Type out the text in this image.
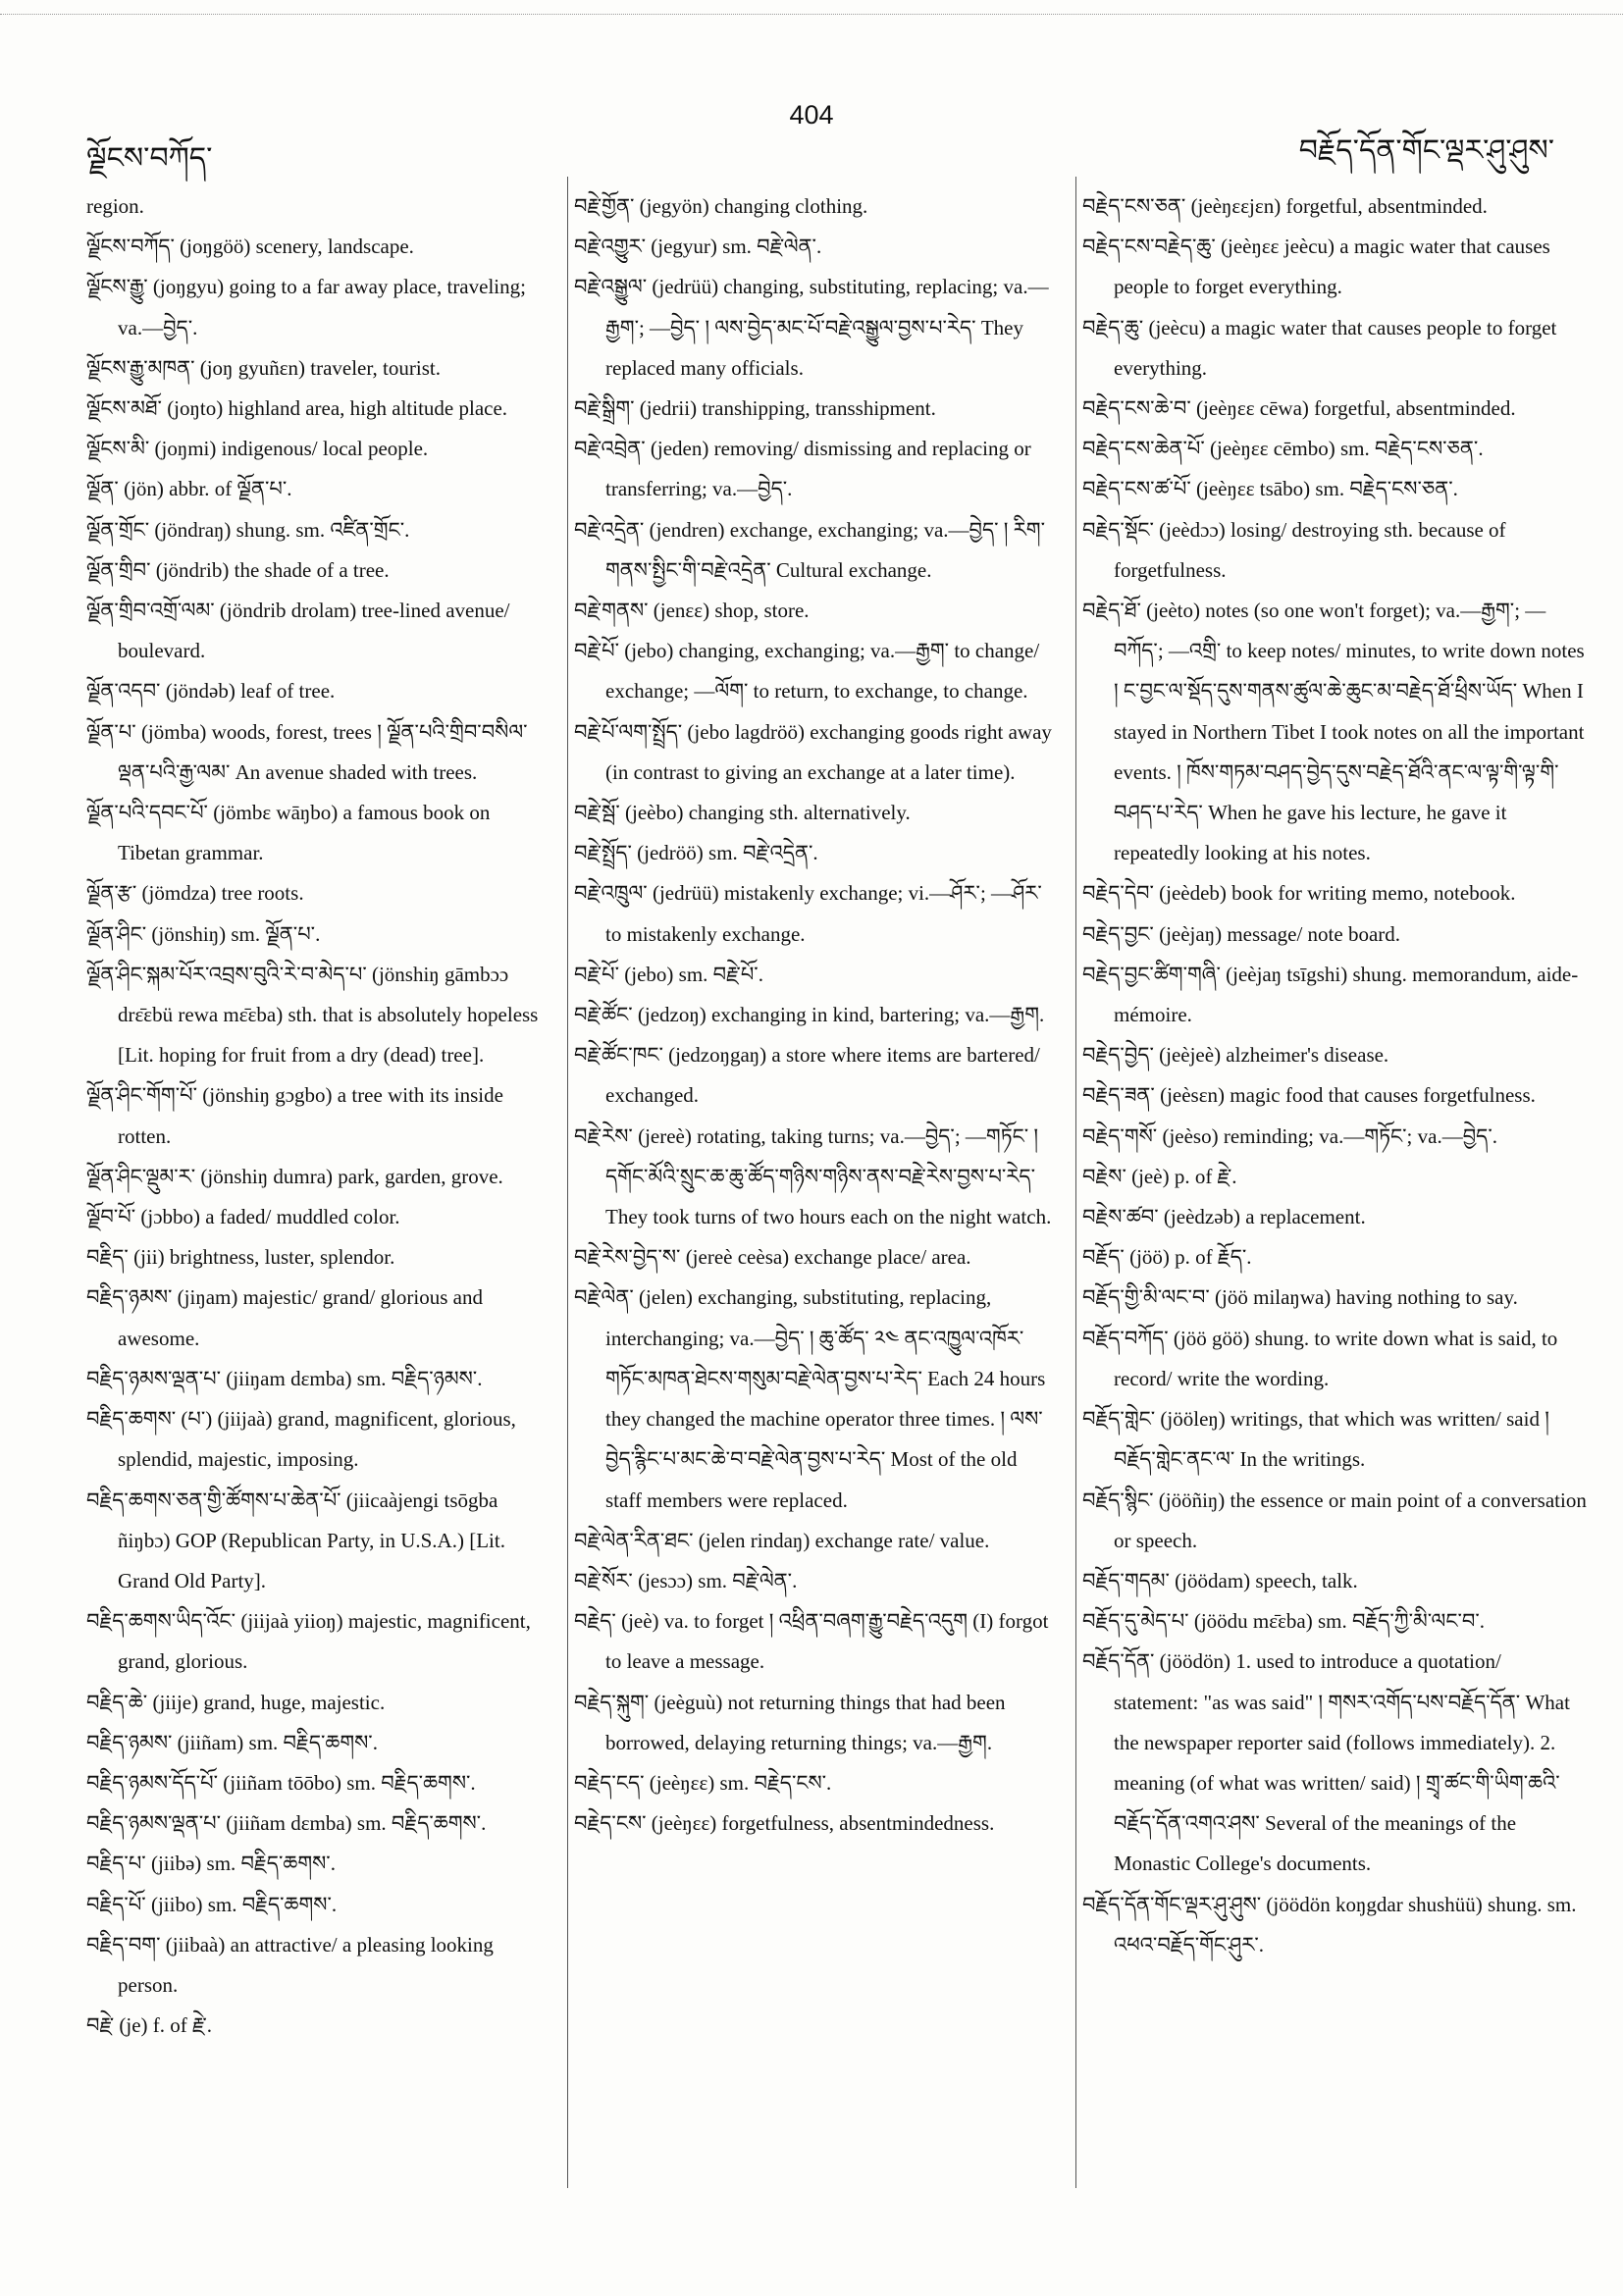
ལྗོངས་བཀོད་
404
བརྗོད་དོན་གོང་ལྡར་ཤུ་ཤུས་

region.

ལྗོངས་བཀོད་ (joŋgöö) scenery, landscape.

ལྗོངས་རྒྱུ་ (joŋgyu) going to a far away place, traveling; va.—བྱེད་.

ལྗོངས་རྒྱུ་མཁན་ (joŋ gyuñɛn) traveler, tourist.

ལྗོངས་མཐོ་ (joŋto) highland area, high altitude place.

ལྗོངས་མི་ (joŋmi) indigenous/ local people.

ལྗོན་ (jön) abbr. of ལྗོན་པ་.

ལྗོན་གྲོང་ (jöndraŋ) shung. sm. འཛིན་གྲོང་.

ལྗོན་གྲིབ་ (jöndrib) the shade of a tree.

ལྗོན་གྲིབ་འགྲོ་ལམ་ (jöndrib drolam) tree-lined avenue/ boulevard.

ལྗོན་འདབ་ (jöndəb) leaf of tree.

ལྗོན་པ་ (jömba) woods, forest, trees ། ལྗོན་པའི་གྲིབ་བསིལ་ལྡན་པའི་རྒྱ་ལམ་ An avenue shaded with trees.

ལྗོན་པའི་དབང་པོ་ (jömbɛ wāŋbo) a famous book on Tibetan grammar.

ལྗོན་རྩ་ (jömdza) tree roots.

ལྗོན་ཤིང་ (jönshiŋ) sm. ལྗོན་པ་.

ལྗོན་ཤིང་སྐམ་པོར་འབྲས་བུའི་རེ་བ་མེད་པ་ (jönshiŋ gāmbɔɔ drɛ̄ɛbü rewa mɛ̄ɛba) sth. that is absolutely hopeless [Lit. hoping for fruit from a dry (dead) tree].

ལྗོན་ཤིང་གོག་པོ་ (jönshiŋ gɔgbo) a tree with its inside rotten.

ལྗོན་ཤིང་ལྡུམ་ར་ (jönshiŋ dumra) park, garden, grove.

ལྗོབ་པོ་ (jɔbbo) a faded/ muddled color.

བརྗིད་ (jii) brightness, luster, splendor.

བརྗིད་ཉམས་ (jiŋam) majestic/ grand/ glorious and awesome.

བརྗིད་ཉམས་ལྡན་པ་ (jiiŋam dɛmba) sm. བརྗིད་ཉམས་.

བརྗིད་ཆགས་ (པ་) (jiijaà) grand, magnificent, glorious, splendid, majestic, imposing.

བརྗིད་ཆགས་ཅན་གྱི་ཚོགས་པ་ཆེན་པོ་ (jiicaàjengi tsōgba ñiŋbɔ) GOP (Republican Party, in U.S.A.) [Lit. Grand Old Party].

བརྗིད་ཆགས་ཡིད་འོང་ (jiijaà yiioŋ) majestic, magnificent, grand, glorious.

བརྗིད་ཆེ་ (jiije) grand, huge, majestic.

བརྗིད་ཉམས་ (jiiñam) sm. བརྗིད་ཆགས་.

བརྗིད་ཉམས་དོད་པོ་ (jiiñam tōōbo) sm. བརྗིད་ཆགས་.

བརྗིད་ཉམས་ལྡན་པ་ (jiiñam dɛmba) sm. བརྗིད་ཆགས་.

བརྗིད་པ་ (jiibə) sm. བརྗིད་ཆགས་.

བརྗིད་པོ་ (jiibo) sm. བརྗིད་ཆགས་.

བརྗིད་བག་ (jiibaà) an attractive/ a pleasing looking person.

བརྗེ་ (je) f. of རྗེ་.

བརྗེ་གྱོན་ (jegyön) changing clothing.

བརྗེ་འགྱུར་ (jegyur) sm. བརྗེ་ལེན་.

བརྗེ་འསྒྱུལ་ (jedrüü) changing, substituting, replacing; va.—རྒྱག་; —བྱེད་ ། ལས་བྱེད་མང་པོ་བརྗེ་འསྒྱུལ་བྱས་པ་རེད་ They replaced many officials.

བརྗེ་སྒྲིག་ (jedrii) transhipping, transshipment.

བརྗེ་འབྲེན་ (jeden) removing/ dismissing and replacing or transferring; va.—བྱེད་.

བརྗེ་འདྲེན་ (jendren) exchange, exchanging; va.—བྱེད་ ། རིག་གནས་སྤྱིང་གི་བརྗེ་འདྲེན་ Cultural exchange.

བརྗེ་གནས་ (jenɛɛ) shop, store.

བརྗེ་པོ་ (jebo) changing, exchanging; va.—རྒྱག་ to change/ exchange; —ལོག་ to return, to exchange, to change.

བརྗེ་པོ་ལག་སྤྲོད་ (jebo lagdröö) exchanging goods right away (in contrast to giving an exchange at a later time).

བརྗེ་སྦོ་ (jeèbo) changing sth. alternatively.

བརྗེ་སྤྲོད་ (jedröö) sm. བརྗེ་འདྲེན་.

བརྗེ་འཁྲུལ་ (jedrüü) mistakenly exchange; vi.—ཤོར་; —ཤོར་ to mistakenly exchange.

བརྗེ་པོ་ (jebo) sm. བརྗེ་པོ་.

བརྗེ་ཚོང་ (jedzoŋ) exchanging in kind, bartering; va.—རྒྱག.

བརྗེ་ཚོང་ཁང་ (jedzoŋgaŋ) a store where items are bartered/ exchanged.

བརྗེ་རེས་ (jereè) rotating, taking turns; va.—བྱེད་; —གཏོང་ ། དགོང་མོའི་སྲུང་ཆ་ཆུ་ཚོད་གཉིས་གཉིས་ནས་བརྗེ་རེས་བྱས་པ་རེད་ They took turns of two hours each on the night watch.

བརྗེ་རེས་བྱེད་ས་ (jereè ceèsa) exchange place/ area.

བརྗེ་ལེན་ (jelen) exchanging, substituting, replacing, interchanging; va.—བྱེད་ ། ཆུ་ཚོད་ ༢༤ ནང་འཁྱུལ་འཁོར་གཏོང་མཁན་ཐེངས་གསུམ་བརྗེ་ལེན་བྱས་པ་རེད་ Each 24 hours they changed the machine operator three times. ། ལས་བྱེད་རྙིང་པ་མང་ཆེ་བ་བརྗེ་ལེན་བྱས་པ་རེད་ Most of the old staff members were replaced.

བརྗེ་ལེན་རིན་ཐང་ (jelen rindaŋ) exchange rate/ value.

བརྗེ་སོར་ (jesɔɔ) sm. བརྗེ་ལེན་.

བརྗེད་ (jeè) va. to forget ། འཕྲིན་བཞག་རྒྱུ་བརྗེད་འདུག (I) forgot to leave a message.

བརྗེད་སྐུག་ (jeèguù) not returning things that had been borrowed, delaying returning things; va.—རྒྱག.

བརྗེད་ངད་ (jeèŋɛɛ) sm. བརྗེད་ངས་.

བརྗེད་ངས་ (jeèŋɛɛ) forgetfulness, absentmindedness.

བརྗེད་ངས་ཅན་ (jeèŋɛɛjɛn) forgetful, absentminded.

བརྗེད་ངས་བརྗེད་ཆུ་ (jeèŋɛɛ jeècu) a magic water that causes people to forget everything.

བརྗེད་ཆུ་ (jeècu) a magic water that causes people to forget everything.

བརྗེད་ངས་ཆེ་བ་ (jeèŋɛɛ cēwa) forgetful, absentminded.

བརྗེད་ངས་ཆེན་པོ་ (jeèŋɛɛ cēmbo) sm. བརྗེད་ངས་ཅན་.

བརྗེད་ངས་ཚ་པོ་ (jeèŋɛɛ tsābo) sm. བརྗེད་ངས་ཅན་.

བརྗེད་སྡོང་ (jeèdɔɔ) losing/ destroying sth. because of forgetfulness.

བརྗེད་ཐོ་ (jeèto) notes (so one won't forget); va.—རྒྱག་; —བཀོད་; —འགྲི་ to keep notes/ minutes, to write down notes ། ང་བྱང་ལ་སྡོད་དུས་གནས་ཚུལ་ཆེ་ཆུང་མ་བརྗེད་ཐོ་ཕྲིས་ཡོད་ When I stayed in Northern Tibet I took notes on all the important events. ། ཁོས་གཏམ་བཤད་བྱེད་དུས་བརྗེད་ཐོའི་ནང་ལ་ལྟ་གི་ལྟ་གི་བཤད་པ་རེད་ When he gave his lecture, he gave it repeatedly looking at his notes.

བརྗེད་དེབ་ (jeèdeb) book for writing memo, notebook.

བརྗེད་བྱང་ (jeèjaŋ) message/ note board.

བརྗེད་བྱང་ཚིག་གཞི་ (jeèjaŋ tsīgshi) shung. memorandum, aide-mémoire.

བརྗེད་བྱེད་ (jeèjeè) alzheimer's disease.

བརྗེད་ཟན་ (jeèsɛn) magic food that causes forgetfulness.

བརྗེད་གསོ་ (jeèso) reminding; va.—གཏོང་; va.—བྱེད་.

བརྗེས་ (jeè) p. of རྗེ་.

བརྗེས་ཚབ་ (jeèdzəb) a replacement.

བརྗོད་ (jöö) p. of རྗོད་.

བརྗོད་གྱི་མི་ལང་བ་ (jöö milaŋwa) having nothing to say.

བརྗོད་བཀོད་ (jöö göö) shung. to write down what is said, to record/ write the wording.

བརྗོད་གླེང་ (jööleŋ) writings, that which was written/ said ། བརྗོད་གླེང་ནང་ལ་ In the writings.

བརྗོད་སྙིང་ (jööñiŋ) the essence or main point of a conversation or speech.

བརྗོད་གདམ་ (jöödam) speech, talk.

བརྗོད་དུ་མེད་པ་ (jöödu mɛ̄ɛba) sm. བརྗོད་ཀྱི་མི་ལང་བ་.

བརྗོད་དོན་ (jöödön) 1. used to introduce a quotation/ statement: "as was said" ། གསར་འགོད་པས་བརྗོད་དོན་ What the newspaper reporter said (follows immediately). 2. meaning (of what was written/ said) ། གྲྭ་ཚང་གི་ཡིག་ཆའི་བརྗོད་དོན་འགའ་ཤས་ Several of the meanings of the Monastic College's documents.

བརྗོད་དོན་གོང་ལྡར་ཤུ་ཤུས་ (jöödön koŋgdar shushüü) shung. sm. འཕའ་བརྗོད་གོང་ཤུར་.
